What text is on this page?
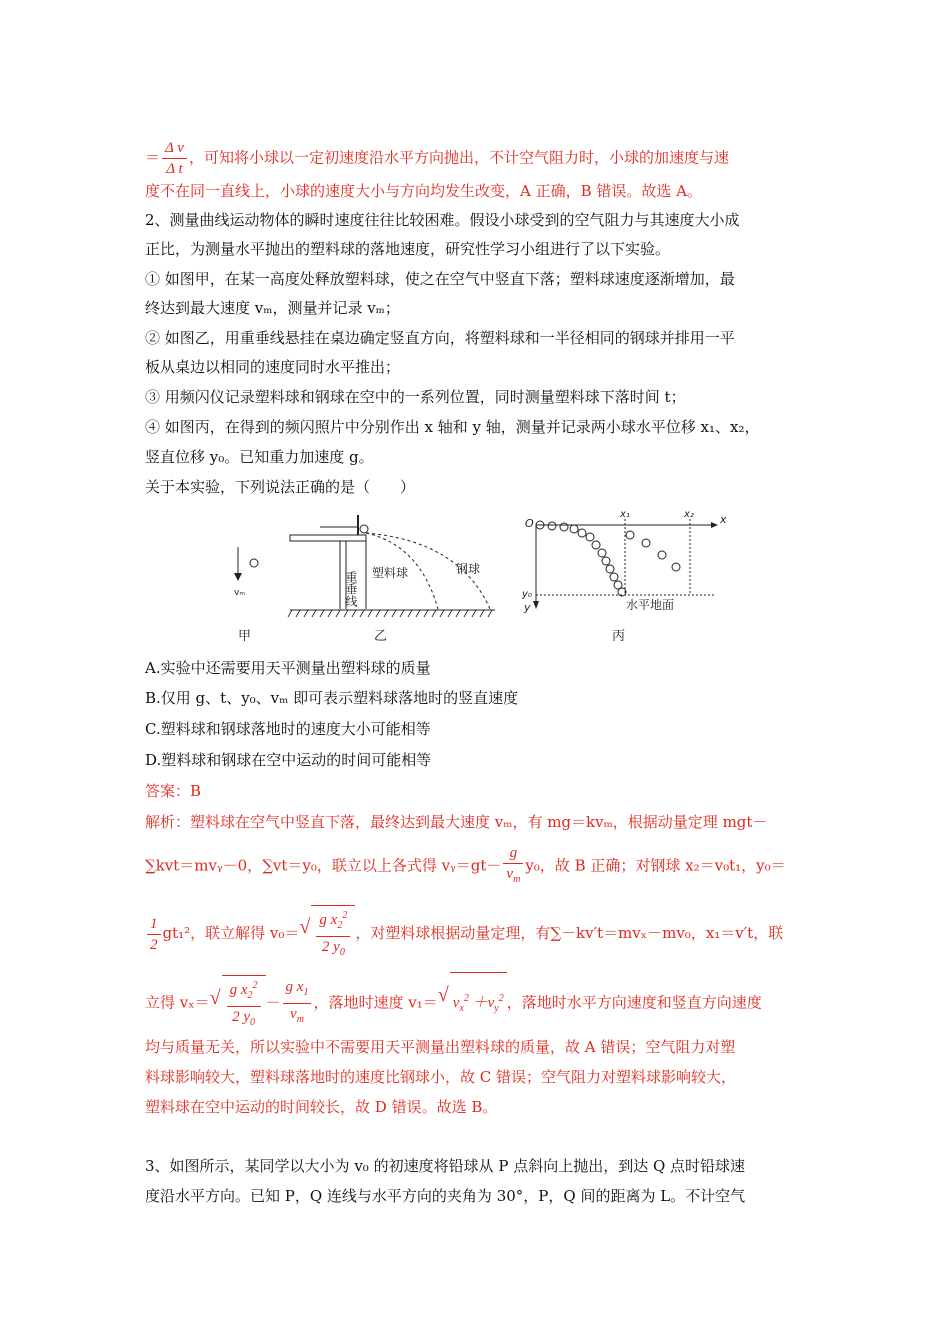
＝ $\frac{\text{Δ v}}{\text{Δ t}}$ ，可知将小球以一定初速度沿水平方向抛出，不计空气阻力时，小球的加速度与速
度不在同一直线上，小球的速度大小与方向均发生改变，A 正确，B 错误。故选 A。
2、测量曲线运动物体的瞬时速度往往比较困难。假设小球受到的空气阻力与其速度大小成
正比，为测量水平抛出的塑料球的落地速度，研究性学习小组进行了以下实验。
① 如图甲，在某一高度处释放塑料球，使之在空气中竖直下落；塑料球速度逐渐增加，最
终达到最大速度 vₘ，测量并记录 vₘ；
② 如图乙，用重垂线悬挂在桌边确定竖直方向，将塑料球和一半径相同的钢球并排用一平
板从桌边以相同的速度同时水平推出；
③ 用频闪仪记录塑料球和钢球在空中的一系列位置，同时测量塑料球下落时间 t；
④ 如图丙，在得到的频闪照片中分别作出 x 轴和 y 轴，测量并记录两小球水平位移 x₁、x₂，
竖直位移 y₀。已知重力加速度 g。
关于本实验，下列说法正确的是（　　）
vₘ
甲
重垂线 塑料球	钢球
乙
O	x
y
x₁	x₂
y₀
水平地面
丙
A.实验中还需要用天平测量出塑料球的质量
B.仅用 g、t、y₀、vₘ 即可表示塑料球落地时的竖直速度
C.塑料球和钢球落地时的速度大小可能相等
D.塑料球和钢球在空中运动的时间可能相等
答案：B
解析：塑料球在空气中竖直下落，最终达到最大速度 vₘ，有 mg＝kvₘ，根据动量定理 mgt－
∑kvt＝mvᵧ－0，∑vt＝y₀，联立以上各式得 vᵧ＝gt－ $\frac{g}{v_m} y_0$，故 B 正确；对钢球 x₂＝v₀t₁，y₀＝
$\frac{1}{2} gt_1^2$，联立解得 v₀＝ √ $\frac{g x_2^2}{2 y_0}$ ，对塑料球根据动量定理，有∑－kv′t＝mvₓ－mv₀，x₁＝v′t，联
立得 vₓ＝ √ $\frac{g x_2^2}{2 y_0} - \frac{g x_1}{v_m}$ ，落地时速度 v₁＝ √ $v_x^2 +v_y^2$ ，落地时水平方向速度和竖直方向速度
均与质量无关，所以实验中不需要用天平测量出塑料球的质量，故 A 错误；空气阻力对塑
料球影响较大，塑料球落地时的速度比钢球小，故 C 错误；空气阻力对塑料球影响较大，
塑料球在空中运动的时间较长，故 D 错误。故选 B。
3、如图所示，某同学以大小为 v₀ 的初速度将铅球从 P 点斜向上抛出，到达 Q 点时铅球速
度沿水平方向。已知 P，Q 连线与水平方向的夹角为 30°，P，Q 间的距离为 L。不计空气
